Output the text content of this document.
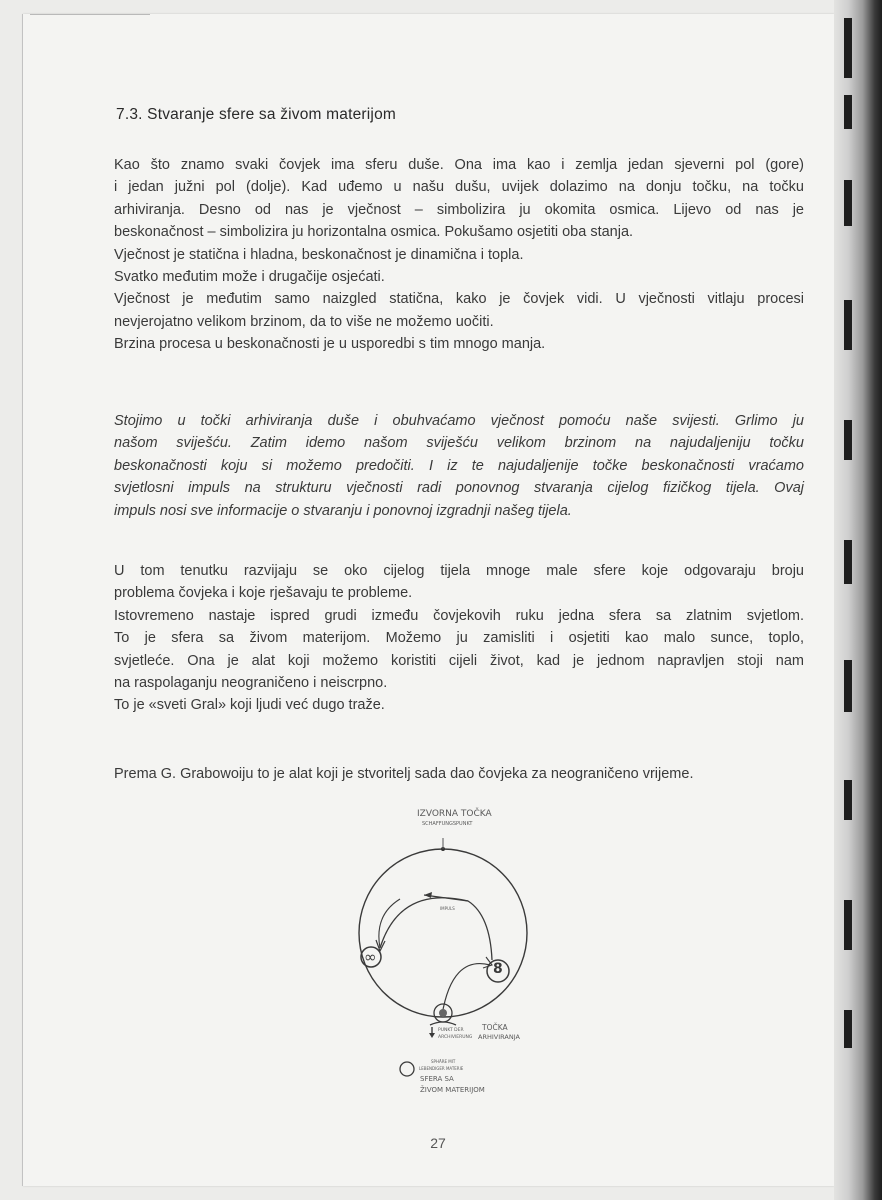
7.3. Stvaranje sfere sa živom materijom

Kao što znamo svaki čovjek ima sferu duše. Ona ima kao i zemlja jedan sjeverni pol (gore)

i jedan južni pol (dolje). Kad uđemo u našu dušu, uvijek dolazimo na donju točku, na točku

arhiviranja. Desno od nas je vječnost – simbolizira ju okomita osmica. Lijevo od nas je

beskonačnost – simbolizira ju horizontalna osmica. Pokušamo osjetiti oba stanja.

Vječnost je statična i hladna, beskonačnost je dinamična i topla.

Svatko međutim može i drugačije osjećati.

Vječnost je međutim samo naizgled statična, kako je čovjek vidi. U vječnosti vitlaju procesi

nevjerojatno velikom brzinom, da to više ne možemo uočiti.

Brzina procesa u beskonačnosti je u usporedbi s tim mnogo manja.

Stojimo u točki arhiviranja duše i obuhvaćamo vječnost pomoću naše svijesti. Grlimo ju

našom sviješću. Zatim idemo našom sviješću velikom brzinom na najudaljeniju točku

beskonačnosti koju si možemo predočiti. I iz te najudaljenije točke beskonačnosti vraćamo

svjetlosni impuls na strukturu vječnosti radi ponovnog stvaranja cijelog fizičkog tijela. Ovaj

impuls nosi sve informacije o stvaranju i ponovnoj izgradnji našeg tijela.

U tom tenutku razvijaju se oko cijelog tijela mnoge male sfere koje odgovaraju broju

problema čovjeka i koje rješavaju te probleme.

Istovremeno nastaje ispred grudi između čovjekovih ruku jedna sfera sa zlatnim svjetlom.

To je sfera sa živom materijom. Možemo ju zamisliti i osjetiti kao malo sunce, toplo,

svjetleće. Ona je alat koji možemo koristiti cijeli život, kad je jednom napravljen stoji nam

na raspolaganju neograničeno i neiscrpno.

To je «sveti Gral» koji ljudi već dugo traže.

Prema G. Grabowoiju to je alat koji je stvoritelj sada dao čovjeka za neograničeno vrijeme.

IZVORNA TOČKA
SCHAFFUNGSPUNKT
IMPULS
∞
8
PUNKT DER
ARCHIVIERUNG
TOČKA
ARHIVIRANJA
SPHÄRE MIT
LEBENDIGER MATERIE
SFERA SA
ŽIVOM MATERIJOM
27
